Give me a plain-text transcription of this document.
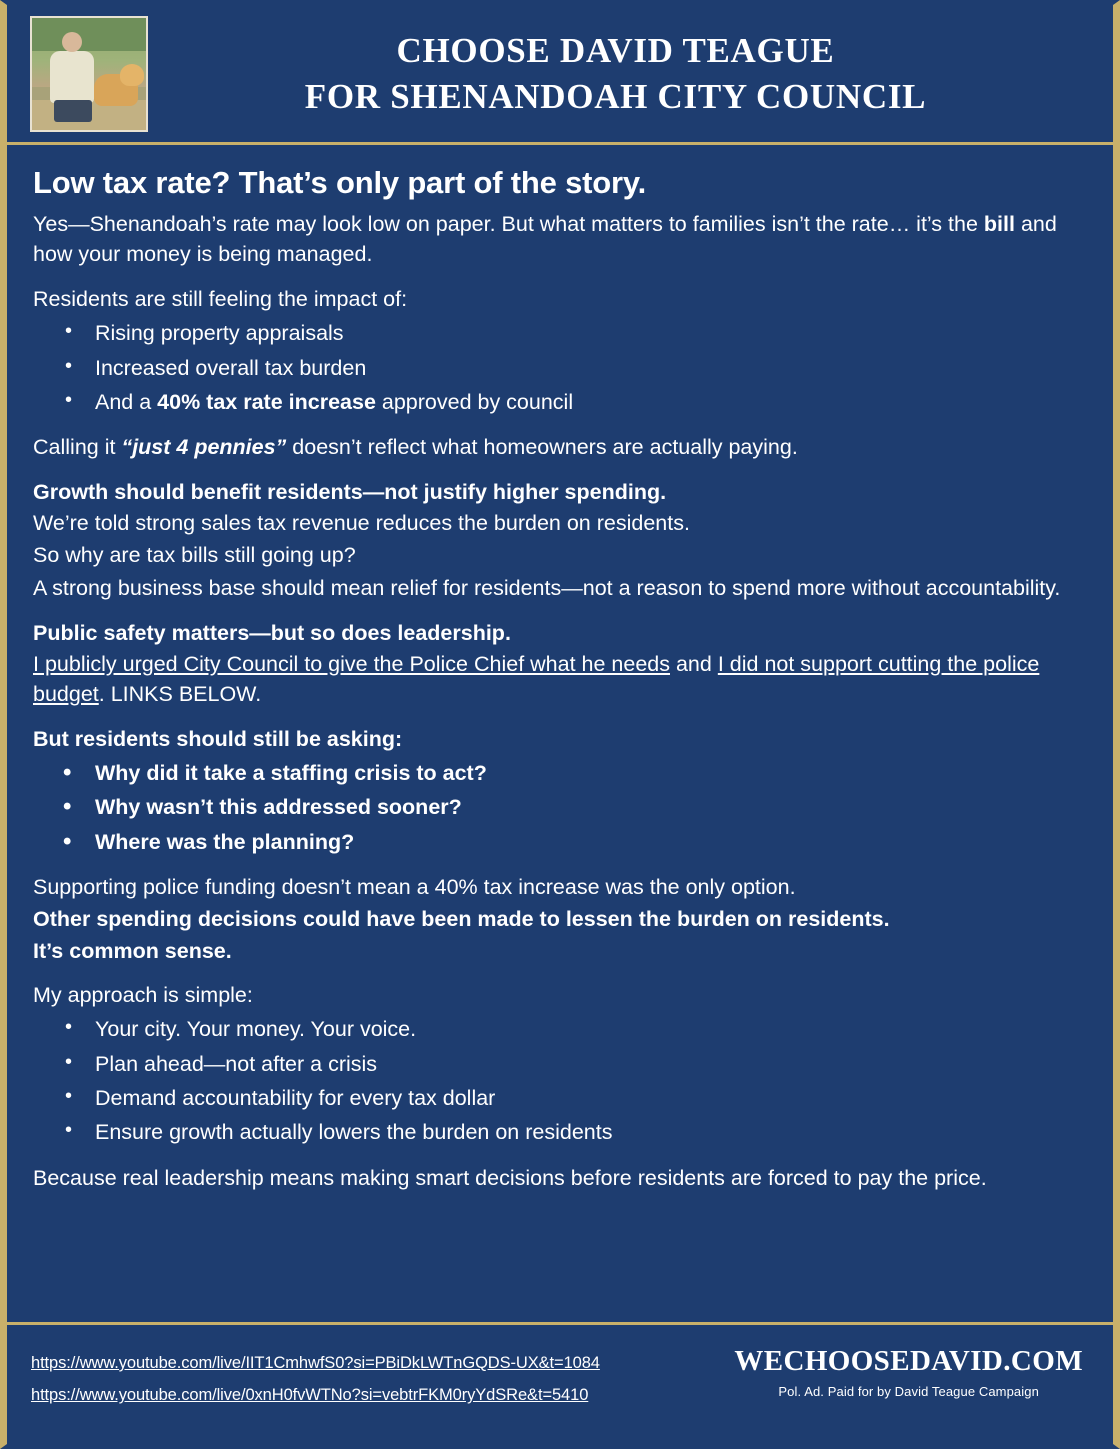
CHOOSE DAVID TEAGUE
FOR SHENANDOAH CITY COUNCIL
Low tax rate? That’s only part of the story.

Yes—Shenandoah’s rate may look low on paper. But what matters to families isn’t the rate… it’s the bill and how your money is being managed.

Residents are still feeling the impact of:

• Rising property appraisals
• Increased overall tax burden
• And a 40% tax rate increase approved by council

Calling it “just 4 pennies” doesn’t reflect what homeowners are actually paying.

Growth should benefit residents—not justify higher spending.

We’re told strong sales tax revenue reduces the burden on residents.

So why are tax bills still going up?

A strong business base should mean relief for residents—not a reason to spend more without accountability.

Public safety matters—but so does leadership.

I publicly urged City Council to give the Police Chief what he needs and I did not support cutting the police budget. LINKS BELOW.

But residents should still be asking:

• Why did it take a staffing crisis to act?
• Why wasn’t this addressed sooner?
• Where was the planning?

Supporting police funding doesn’t mean a 40% tax increase was the only option.

Other spending decisions could have been made to lessen the burden on residents.

It’s common sense.

My approach is simple:

• Your city. Your money. Your voice.
• Plan ahead—not after a crisis
• Demand accountability for every tax dollar
• Ensure growth actually lowers the burden on residents

Because real leadership means making smart decisions before residents are forced to pay the price.

https://www.youtube.com/live/IIT1CmhwfS0?si=PBiDkLWTnGQDS-UX&t=1084
https://www.youtube.com/live/0xnH0fvWTNo?si=vebtrFKM0ryYdSRe&t=5410
WECHOOSEDAVID.COM
Pol. Ad. Paid for by David Teague Campaign
